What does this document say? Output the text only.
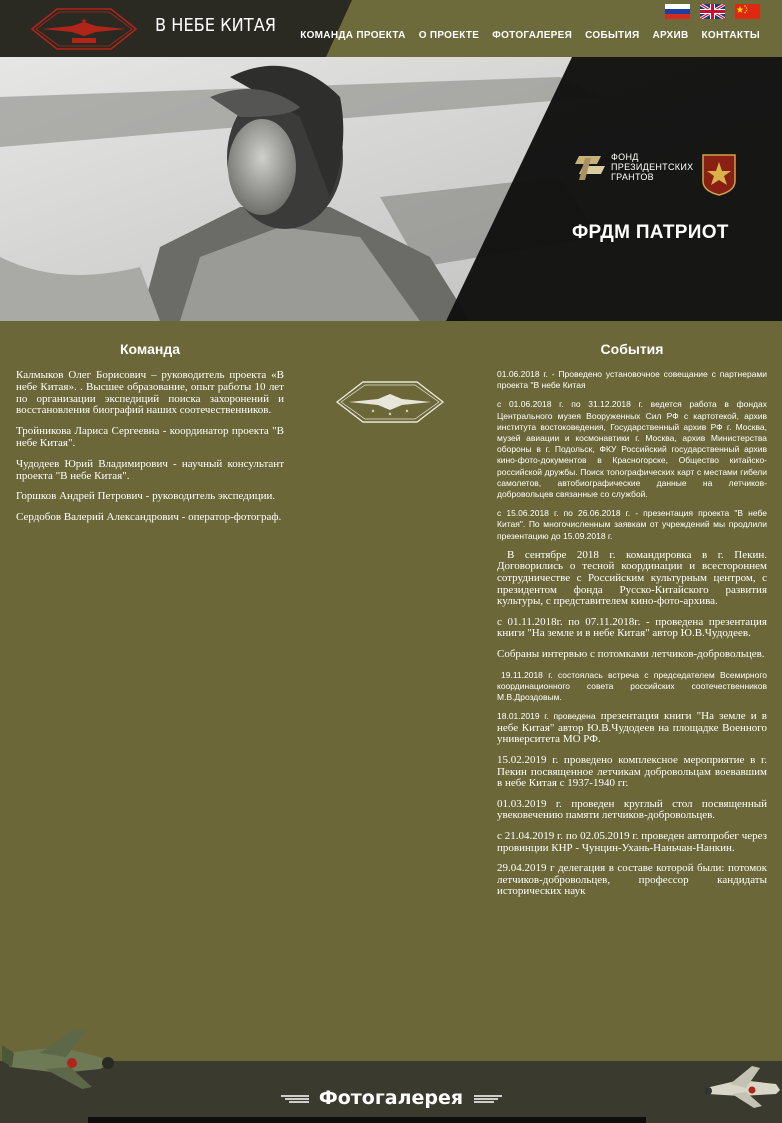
В НЕБЕ КИТАЯ КОМАНДА ПРОЕКТА О ПРОЕКТЕ ФОТОГАЛЕРЕЯ СОБЫТИЯ АРХИВ КОНТАКТЫ
ФОНД
ПРЕЗИДЕНТСКИХ
ГРАНТОВ
ФРДМ ПАТРИОТ
Команда

Калмыков Олег Борисович – руководитель проекта «В небе Китая». . Высшее образование, опыт работы 10 лет по организации экспедиций поиска захоронений и восстановления биографий наших соотечественников.

Тройникова Лариса Сергеевна - координатор проекта "В небе Китая".

Чудодеев Юрий Владимирович - научный консультант проекта "В небе Китая".

Горшков Андрей Петрович - руководитель экспедиции.

Сердобов Валерий Александрович - оператор-фотограф.

События

01.06.2018 г. - Проведено установочное совещание с партнерами проекта "В небе Китая

с 01.06.2018 г. по 31.12.2018 г. ведется работа в фондах Центрального музея Вооруженных Сил РФ с картотекой, архив института востоковедения, Государственный архив РФ г. Москва, музей авиации и космонавтики г. Москва, архив Министерства обороны в г. Подольск, ФКУ Российский государственный архив кино-фото-документов в Красногорске, Общество китайско-российской дружбы. Поиск топографических карт с местами гибели самолетов, автобиографические данные на летчиков-добровольцев связанные со службой.

с 15.06.2018 г. по 26.06.2018 г. - презентация проекта "В небе Китая". По многочисленным заявкам от учреждений мы продлили презентацию до 15.09.2018 г.

В сентябре 2018 г. командировка в г. Пекин. Договорились о тесной координации и всестороннем сотрудничестве с Российским культурным центром, с президентом фонда Русско-Китайского развития культуры, с представителем кино-фото-архива.

с 01.11.2018г. по 07.11.2018г. - проведена презентация книги "На земле и в небе Китая" автор Ю.В.Чудодеев.

Собраны интервью с потомками летчиков-добровольцев.

19.11.2018 г. состоялась встреча с председателем Всемирного координационного совета российских соотечественников М.В.Дроздовым.

18.01.2019 г. проведена презентация книги "На земле и в небе Китая" автор Ю.В.Чудодеев на площадке Военного университета МО РФ.

15.02.2019 г. проведено комплексное мероприятие в г. Пекин посвященное летчикам добровольцам воевавшим в небе Китая с 1937-1940 гг.

01.03.2019 г. проведен круглый стол посвященный увековечению памяти летчиков-добровольцев.

с 21.04.2019 г. по 02.05.2019 г. проведен автопробег через провинции КНР - Чунцин-Ухань-Наньчан-Нанкин.

29.04.2019 г делегация в составе которой были: потомок летчиков-добровольцев, профессор кандидаты исторических наук

Фотогалерея
